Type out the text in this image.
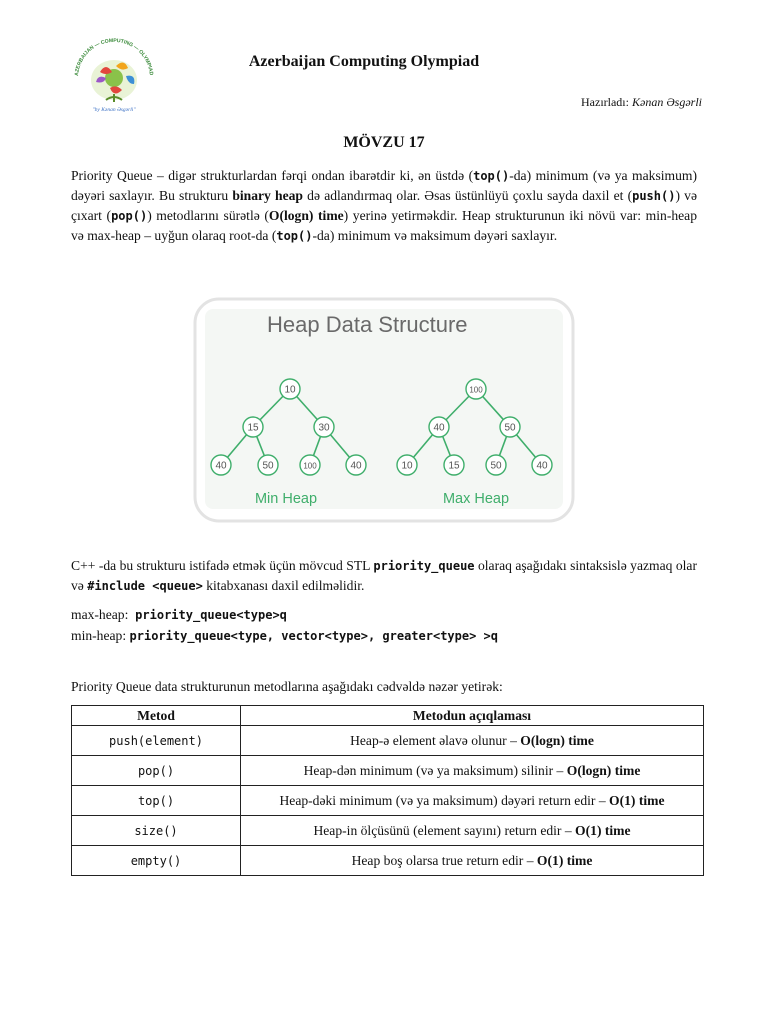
AZERBAIJAN — COMPUTING — OLYMPIAD
"by Kənan Əsgərli"
Azerbaijan Computing Olympiad
Hazırladı: Kənan Əsgərli
MÖVZU 17
Priority Queue – digər strukturlardan fərqi ondan ibarətdir ki, ən üstdə (top()-da) minimum (və ya maksimum) dəyəri saxlayır. Bu strukturu binary heap də adlandırmaq olar. Əsas üstünlüyü çoxlu sayda daxil et (push()) və çıxart (pop()) metodlarını sürətlə (O(logn) time) yerinə yetirməkdir. Heap strukturunun iki növü var: min-heap və max-heap – uyğun olaraq root-da (top()-da) minimum və maksimum dəyəri saxlayır.
Heap Data Structure
10
15	30
40	50	100	40
100
40	50
10	15	50	40
Min Heap	Max Heap
C++ -da bu strukturu istifadə etmək üçün mövcud STL priority_queue olaraq aşağıdakı sintaksislə yazmaq olar və #include <queue> kitabxanası daxil edilməlidir.
max-heap: priority_queue<type>q
min-heap: priority_queue<type, vector<type>, greater<type> >q
Priority Queue data strukturunun metodlarına aşağıdakı cədvəldə nəzər yetirək:
Metod	Metodun açıqlaması
push(element)	Heap-ə element əlavə olunur – O(logn) time
pop()	Heap-dən minimum (və ya maksimum) silinir – O(logn) time
top()	Heap-dəki minimum (və ya maksimum) dəyəri return edir – O(1) time
size()	Heap-in ölçüsünü (element sayını) return edir – O(1) time
empty()	Heap boş olarsa true return edir – O(1) time
